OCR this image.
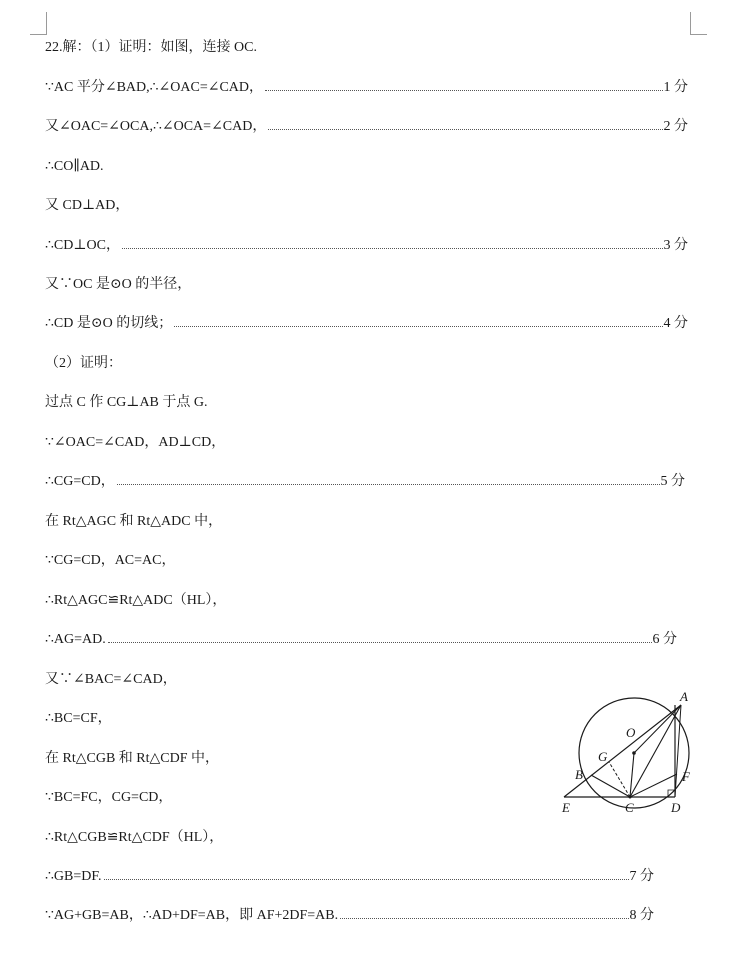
22.解：（1）证明：如图，连接 OC.
∵AC 平分∠BAD,∴∠OAC=∠CAD，	1 分
又∠OAC=∠OCA,∴∠OCA=∠CAD，	2 分
∴CO∥AD.
又 CD⊥AD，
∴CD⊥OC，	3 分
又∵OC 是⊙O 的半径，
∴CD 是⊙O 的切线；	4 分
（2）证明：
过点 C 作 CG⊥AB 于点 G.
∵∠OAC=∠CAD，AD⊥CD，
∴CG=CD，	5 分
在 Rt△AGC 和 Rt△ADC 中，
∵CG=CD，AC=AC，
∴Rt△AGC≌Rt△ADC（HL），
∴AG=AD.	6 分
又∵∠BAC=∠CAD，
∴BC=CF，
在 Rt△CGB 和 Rt△CDF 中，
∵BC=FC，CG=CD，
∴Rt△CGB≌Rt△CDF（HL），
∴GB=DF.	7 分
∵AG+GB=AB，∴AD+DF=AB，即 AF+2DF=AB.	8 分
A
O
G
B	F
E	C	D
